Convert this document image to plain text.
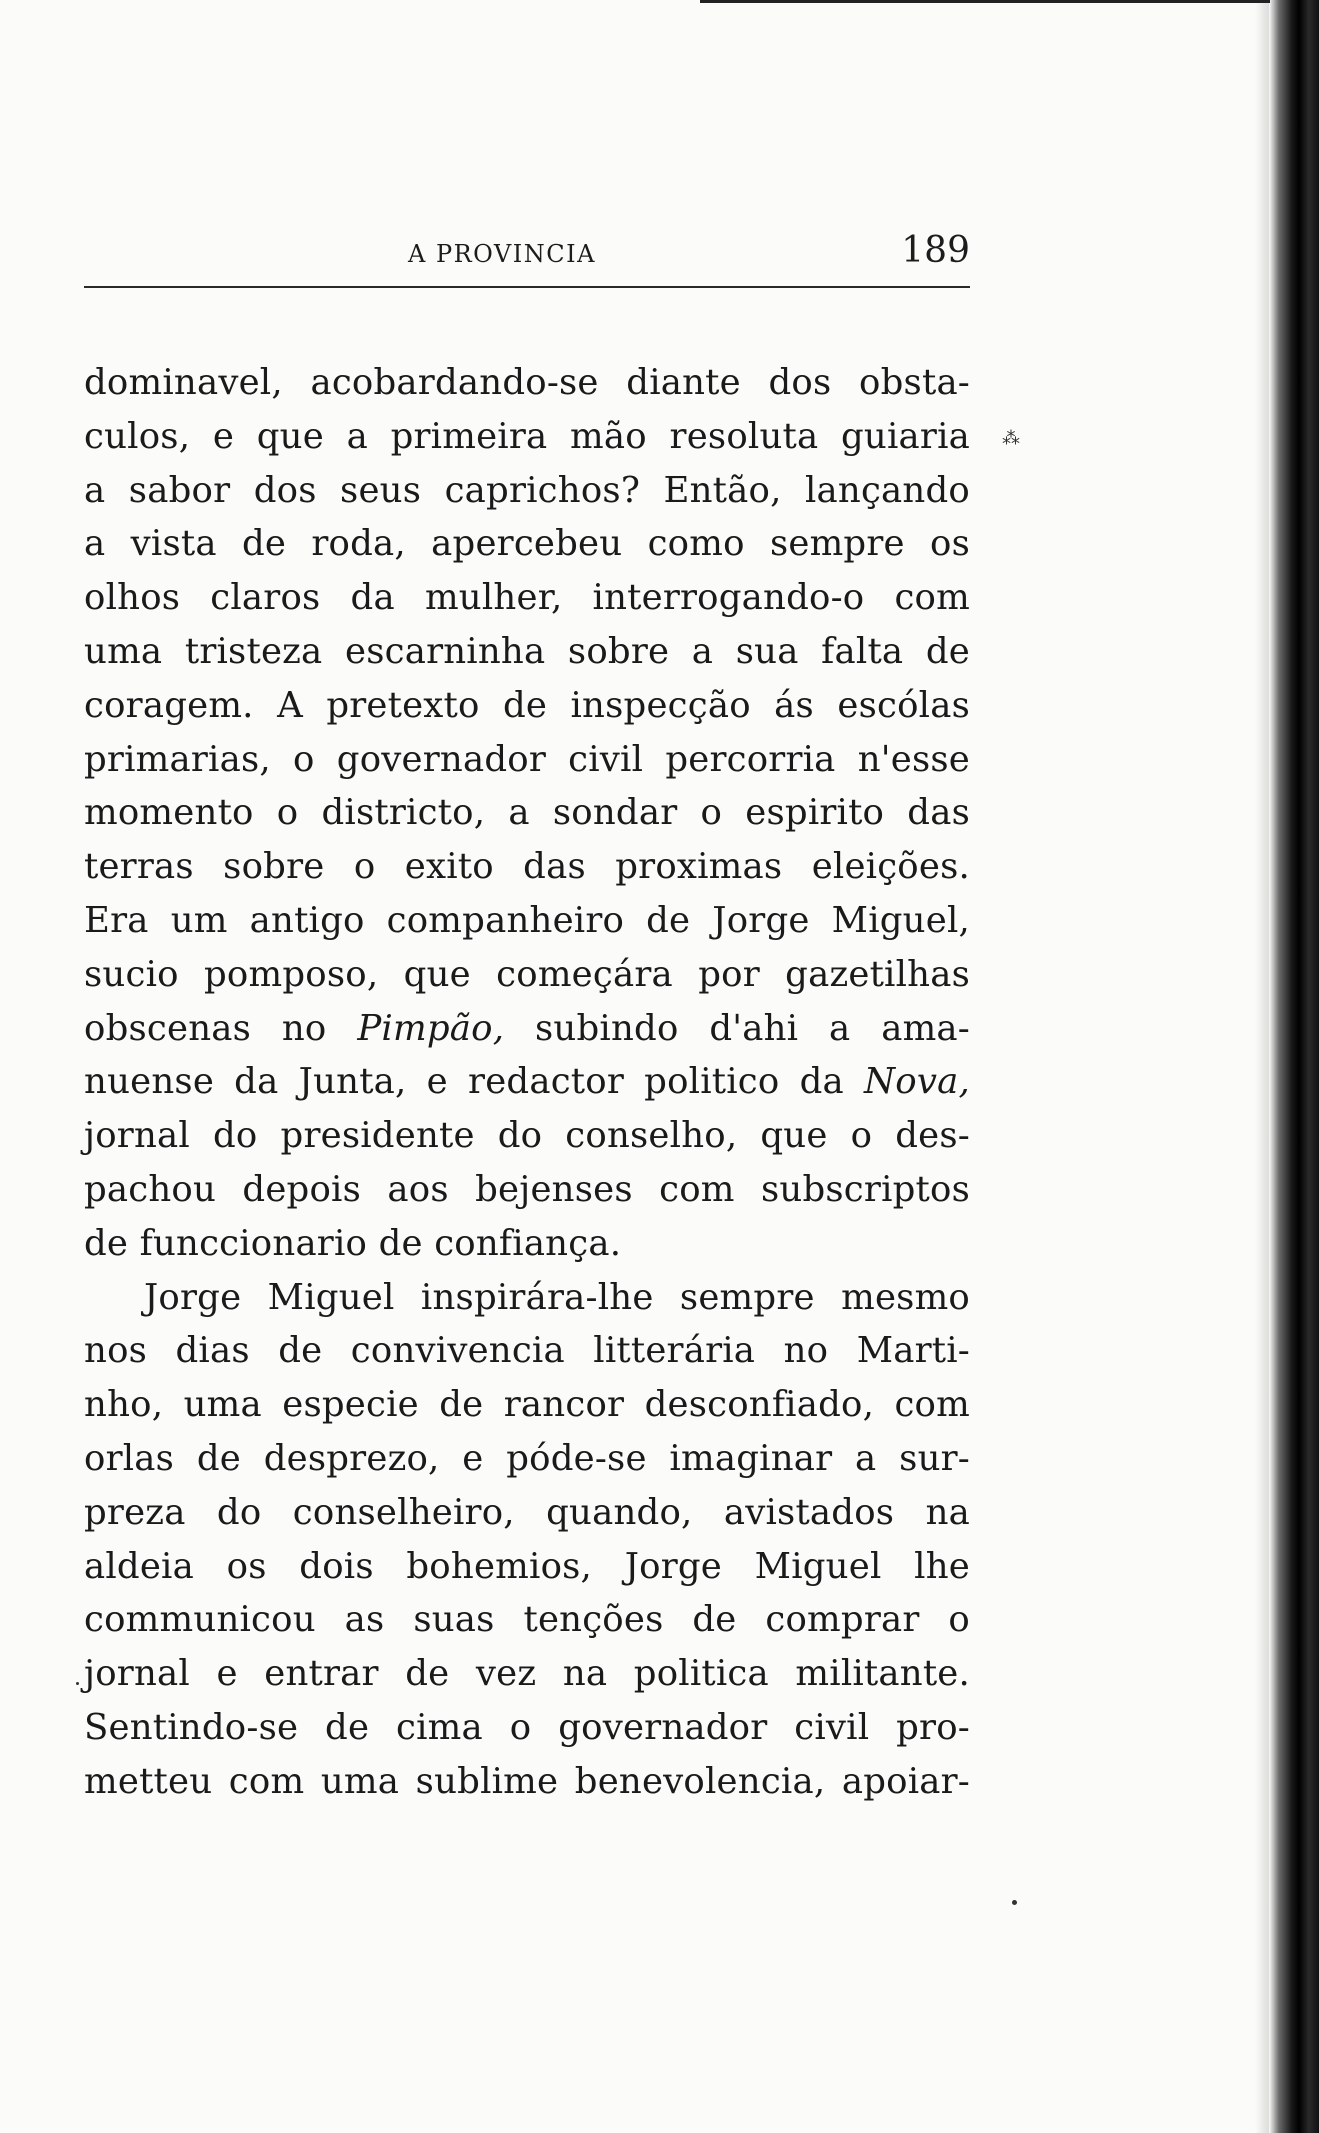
A PROVINCIA	189
⁂
dominavel, acobardando-se diante dos obsta-
culos, e que a primeira mão resoluta guiaria
a sabor dos seus caprichos? Então, lançando
a vista de roda, apercebeu como sempre os
olhos claros da mulher, interrogando-o com
uma tristeza escarninha sobre a sua falta de
coragem. A pretexto de inspecção ás escólas
primarias, o governador civil percorria n'esse
momento o districto, a sondar o espirito das
terras sobre o exito das proximas eleições.
Era um antigo companheiro de Jorge Miguel,
sucio pomposo, que começára por gazetilhas
obscenas no Pimpão, subindo d'ahi a ama-
nuense da Junta, e redactor politico da Nova,
jornal do presidente do conselho, que o des-
pachou depois aos bejenses com subscriptos
de funccionario de confiança.
Jorge Miguel inspirára-lhe sempre mesmo
nos dias de convivencia litterária no Marti-
nho, uma especie de rancor desconfiado, com
orlas de desprezo, e póde-se imaginar a sur-
preza do conselheiro, quando, avistados na
aldeia os dois bohemios, Jorge Miguel lhe
communicou as suas tenções de comprar o
jornal e entrar de vez na politica militante.
Sentindo-se de cima o governador civil pro-
metteu com uma sublime benevolencia, apoiar-
